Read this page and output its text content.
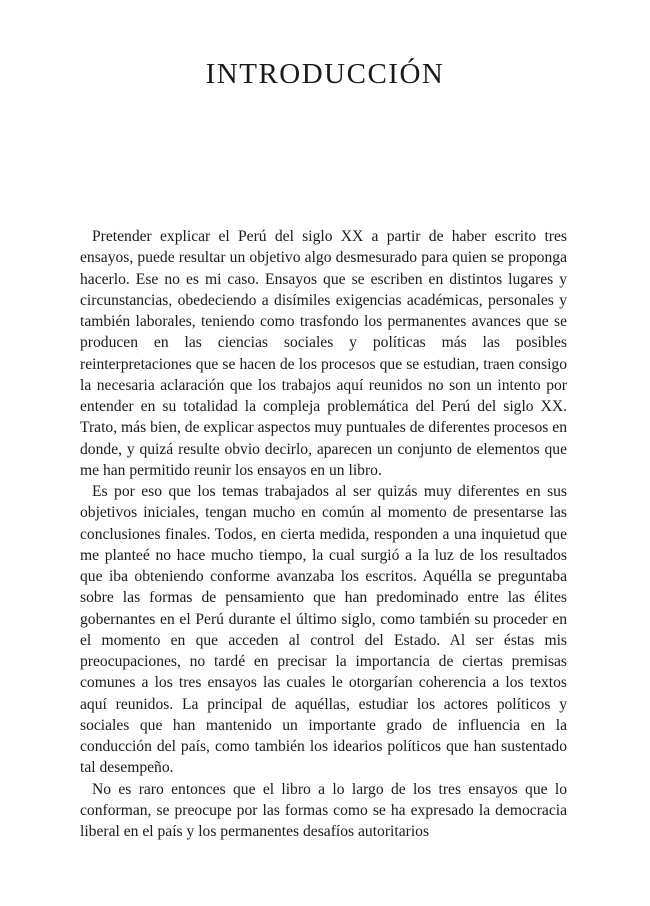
INTRODUCCIÓN

Pretender explicar el Perú del siglo XX a partir de haber escrito tres ensayos, puede resultar un objetivo algo desmesurado para quien se proponga hacerlo. Ese no es mi caso. Ensayos que se escriben en distintos lugares y circunstancias, obedeciendo a disímiles exigencias académicas, personales y también laborales, teniendo como trasfondo los permanentes avances que se producen en las ciencias sociales y políticas más las posibles reinterpretaciones que se hacen de los procesos que se estudian, traen consigo la necesaria aclaración que los trabajos aquí reunidos no son un intento por entender en su totalidad la compleja problemática del Perú del siglo XX. Trato, más bien, de explicar aspectos muy puntuales de diferentes procesos en donde, y quizá resulte obvio decirlo, aparecen un conjunto de elementos que me han permitido reunir los ensayos en un libro.

Es por eso que los temas trabajados al ser quizás muy diferentes en sus objetivos iniciales, tengan mucho en común al momento de presentarse las conclusiones finales. Todos, en cierta medida, responden a una inquietud que me planteé no hace mucho tiempo, la cual surgió a la luz de los resultados que iba obteniendo conforme avanzaba los escritos. Aquélla se preguntaba sobre las formas de pensamiento que han predominado entre las élites gobernantes en el Perú durante el último siglo, como también su proceder en el momento en que acceden al control del Estado. Al ser éstas mis preocupaciones, no tardé en precisar la importancia de ciertas premisas comunes a los tres ensayos las cuales le otorgarían coherencia a los textos aquí reunidos. La principal de aquéllas, estudiar los actores políticos y sociales que han mantenido un importante grado de influencia en la conducción del país, como también los idearios políticos que han sustentado tal desempeño.

No es raro entonces que el libro a lo largo de los tres ensayos que lo conforman, se preocupe por las formas como se ha expresado la democracia liberal en el país y los permanentes desafíos autoritarios
